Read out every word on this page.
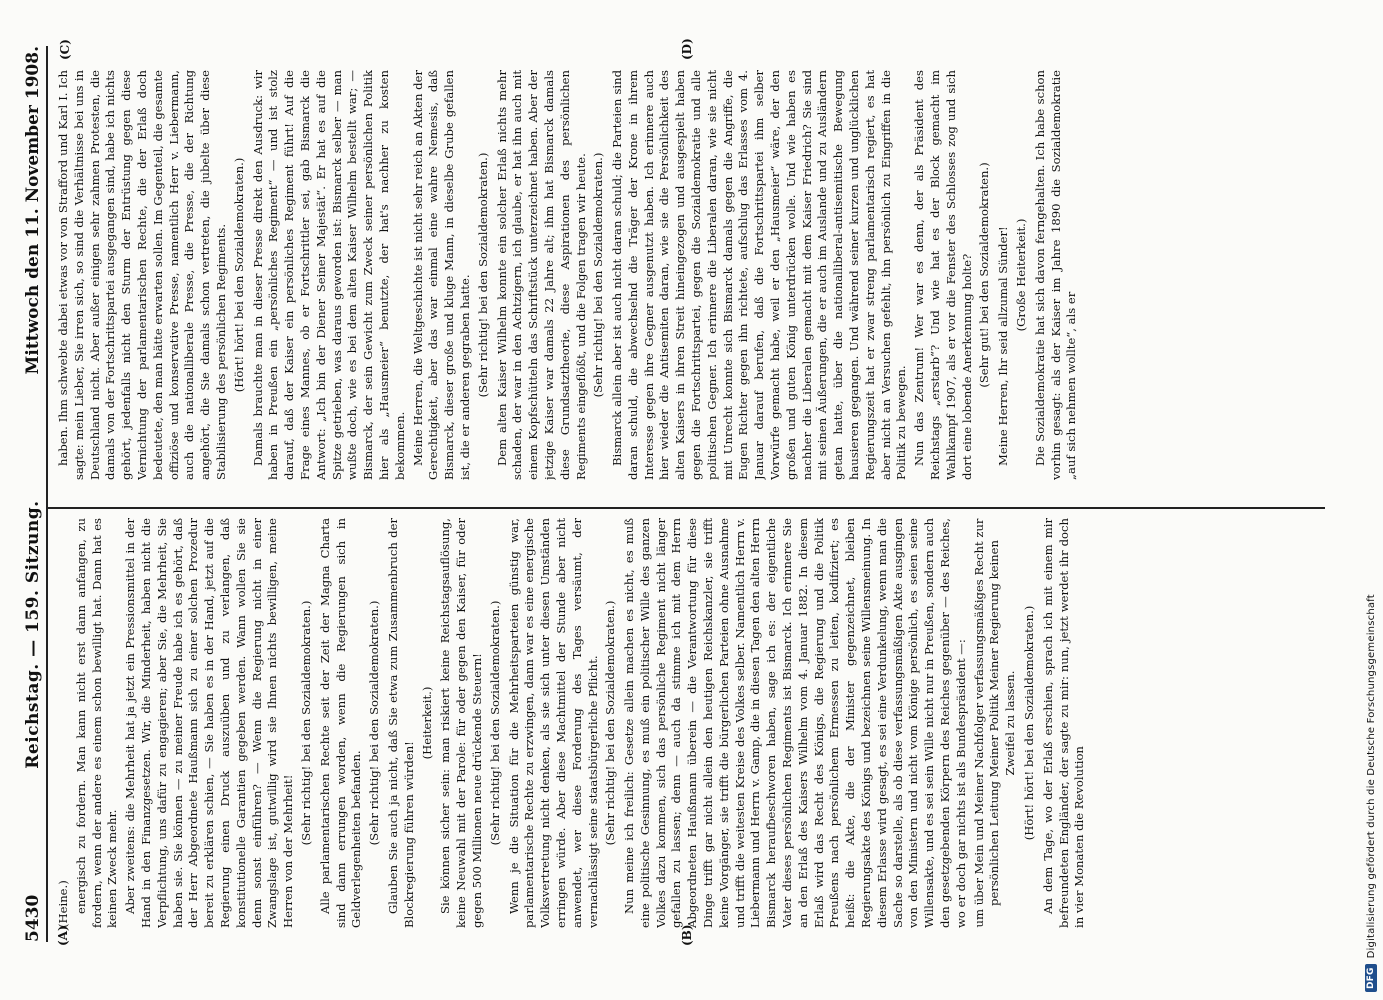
5430
Reichstag. — 159. Sitzung.
Mittwoch den 11. November 1908.
(A)	(B)
(C)	(D)

(Heine.) energisch zu fordern. Man kann nicht erst dann anfangen, zu fordern, wenn der andere es einem schon bewilligt hat. Dann hat es keinen Zweck mehr. Aber zweitens: die Mehrheit hat ja jetzt ein Pressionsmittel in der Hand in den Finanzgesetzen. Wir, die Minderheit, haben nicht die Verpflichtung, uns dafür zu engagieren; aber Sie, die Mehrheit, Sie haben sie. Sie können — zu meiner Freude habe ich es gehört, daß der Herr Abgeordnete Haußmann sich zu einer solchen Prozedur bereit zu erklären schien, — Sie haben es in der Hand, jetzt auf die Regierung einen Druck auszuüben und zu verlangen, daß konstitutionelle Garantien gegeben werden. Wann wollen Sie sie denn sonst einführen? — Wenn die Regierung nicht in einer Zwangslage ist, gutwillig wird sie Ihnen nichts bewilligen, meine Herren von der Mehrheit!

(Sehr richtig! bei den Sozialdemokraten.) Alle parlamentarischen Rechte seit der Zeit der Magna Charta sind dann errungen worden, wenn die Regierungen sich in Geldverlegenheiten befanden. (Sehr richtig! bei den Sozialdemokraten.) Glauben Sie auch ja nicht, daß Sie etwa zum Zusammenbruch der Blockregierung führen würden!

(Heiterkeit.) Sie können sicher sein: man riskiert keine Reichstagsauflösung, keine Neuwahl mit der Parole: für oder gegen den Kaiser, für oder gegen 500 Millionen neue drückende Steuern! (Sehr richtig! bei den Sozialdemokraten.) Wenn je die Situation für die Mehrheitsparteien günstig war, parlamentarische Rechte zu erzwingen, dann war es eine energische Volksvertretung nicht denken, als sie sich unter diesen Umständen erringen würde. Aber diese Machtmittel der Stunde aber nicht anwendet, wer diese Forderung des Tages versäumt, der vernachlässigt seine staatsbürgerliche Pflicht. (Sehr richtig! bei den Sozialdemokraten.) Nun meine ich freilich: Gesetze allein machen es nicht, es muß eine politische Gesinnung, es muß ein politischer Wille des ganzen Volkes dazu kommen, sich das persönliche Regiment nicht länger gefallen zu lassen; denn — auch da stimme ich mit dem Herrn Abgeordneten Haußmann überein — die Verantwortung für diese Dinge trifft gar nicht allein den heutigen Reichskanzler, sie trifft keine Vorgänger, sie trifft die bürgerlichen Parteien ohne Ausnahme und trifft die weitesten Kreise des Volkes selber. Namentlich Herrn v. Liebermann und Herrn v. Gamp, die in diesen Tagen den alten Herrn Bismarck heraufbeschworen haben, sage ich es: der eigentliche Vater dieses persönlichen Regiments ist Bismarck. Ich erinnere Sie an den Erlaß des Kaisers Wilhelm vom 4. Januar 1882. In diesem Erlaß wird das Recht des Königs, die Regierung und die Politik Preußens nach persönlichem Ermessen zu leiten, kodifiziert; es heißt: die Akte, die der Minister gegenzeichnet, bleiben Regierungsakte des Königs und bezeichnen seine Willensmeinung. In diesem Erlasse wird gesagt, es sei eine Verdunkelung, wenn man die Sache so darstelle, als ob diese verfassungsmäßigen Akte ausgingen von den Ministern und nicht vom Könige persönlich, es seien seine Willensakte, und es sei sein Wille nicht nur in Preußen, sondern auch den gesetzgebenden Körpern des Reiches gegenüber — des Reiches, wo er doch gar nichts ist als Bundespräsident —: um über Mein und Meiner Nachfolger verfassungsmäßiges Recht zur persönlichen Leitung Meiner Politik Meiner Regierung keinen Zweifel zu lassen. (Hört! hört! bei den Sozialdemokraten.) An dem Tage, wo der Erlaß erschien, sprach ich mit einem mir befreundeten Engländer, der sagte zu mir: nun, jetzt werdet ihr doch in vier Monaten die Revolution

haben. Ihm schwebte dabei etwas vor von Strafford und Karl I. Ich sagte: mein Lieber, Sie irren sich, so sind die Verhältnisse bei uns in Deutschland nicht. Aber außer einigen sehr zahmen Protesten, die damals von der Fortschrittspartei ausgegangen sind, habe ich nichts gehört, jedenfalls nicht den Sturm der Entrüstung gegen diese Vernichtung der parlamentarischen Rechte, die der Erlaß doch bedeutete, den man hätte erwarten sollen. Im Gegenteil, die gesamte offiziöse und konservative Presse, namentlich Herr v. Liebermann, auch die nationalliberale Presse, die Presse, die der Richtung angehört, die Sie damals schon vertreten, die jubelte über diese Stabilisierung des persönlichen Regiments. (Hört! hört! bei den Sozialdemokraten.) Damals brauchte man in dieser Presse direkt den Ausdruck: wir haben in Preußen ein „persönliches Regiment“ — und ist stolz darauf, daß der Kaiser ein persönliches Regiment führt! Auf die Frage eines Mannes, ob er Fortschrittler sei, gab Bismarck die Antwort: „Ich bin der Diener Seiner Majestät“. Er hat es auf die Spitze getrieben, was daraus geworden ist: Bismarck selber — man wußte doch, wie es bei dem alten Kaiser Wilhelm bestellt war; — Bismarck, der sein Gewicht zum Zweck seiner persönlichen Politik hier als „Hausmeier“ benutzte, der hat's nachher zu kosten bekommen. Meine Herren, die Weltgeschichte ist nicht sehr reich an Akten der Gerechtigkeit, aber das war einmal eine wahre Nemesis, daß Bismarck, dieser große und kluge Mann, in dieselbe Grube gefallen ist, die er anderen gegraben hatte. (Sehr richtig! bei den Sozialdemokraten.) Dem alten Kaiser Wilhelm konnte ein solcher Erlaß nichts mehr schaden, der war in den Achtzigern, ich glaube, er hat ihn auch mit einem Kopfschütteln das Schriftstück unterzeichnet haben. Aber der jetzige Kaiser war damals 22 Jahre alt; ihm hat Bismarck damals diese Grundsatztheorie, diese Aspirationen des persönlichen Regiments eingeflößt, und die Folgen tragen wir heute. (Sehr richtig! bei den Sozialdemokraten.) Bismarck allein aber ist auch nicht daran schuld; die Parteien sind daran schuld, die abwechselnd die Träger der Krone in ihrem Interesse gegen ihre Gegner ausgenutzt haben. Ich erinnere auch hier wieder die Antisemiten daran, wie sie die Persönlichkeit des alten Kaisers in ihren Streit hineingezogen und ausgespielt haben gegen die Fortschrittspartei, gegen die Sozialdemokratie und alle politischen Gegner. Ich erinnere die Liberalen daran, wie sie nicht mit Unrecht konnte sich Bismarck damals gegen die Angriffe, die Eugen Richter gegen ihn richtete, aufschlug das Erlasses vom 4. Januar darauf berufen, daß die Fortschrittspartei ihm selber Vorwürfe gemacht habe, weil er den „Hausmeier“ wäre, der den großen und guten König unterdrücken wolle. Und wie haben es nachher die Liberalen gemacht mit dem Kaiser Friedrich? Sie sind mit seinen Äußerungen, die er auch im Auslande und zu Ausländern getan hatte, über die nationalliberal-antisemitische Bewegung hausieren gegangen. Und während seiner kurzen und unglücklichen Regierungszeit hat er zwar streng parlamentarisch regiert, es hat aber nicht an Versuchen gefehlt, ihn persönlich zu Eingriffen in die Politik zu bewegen. Nun das Zentrum! Wer war es denn, der als Präsident des Reichstags „erstarb“? Und wie hat es der Block gemacht im Wahlkampf 1907, als er vor die Fenster des Schlosses zog und sich dort eine lobende Anerkennung holte? (Sehr gut! bei den Sozialdemokraten.) Meine Herren, Ihr seid allzumal Sünder! (Große Heiterkeit.) Die Sozialdemokratie hat sich davon ferngehalten. Ich habe schon vorhin gesagt: als der Kaiser im Jahre 1890 die Sozialdemokratie „auf sich nehmen wollte“, als er

DFG
Digitalisierung gefördert durch die Deutsche Forschungsgemeinschaft
